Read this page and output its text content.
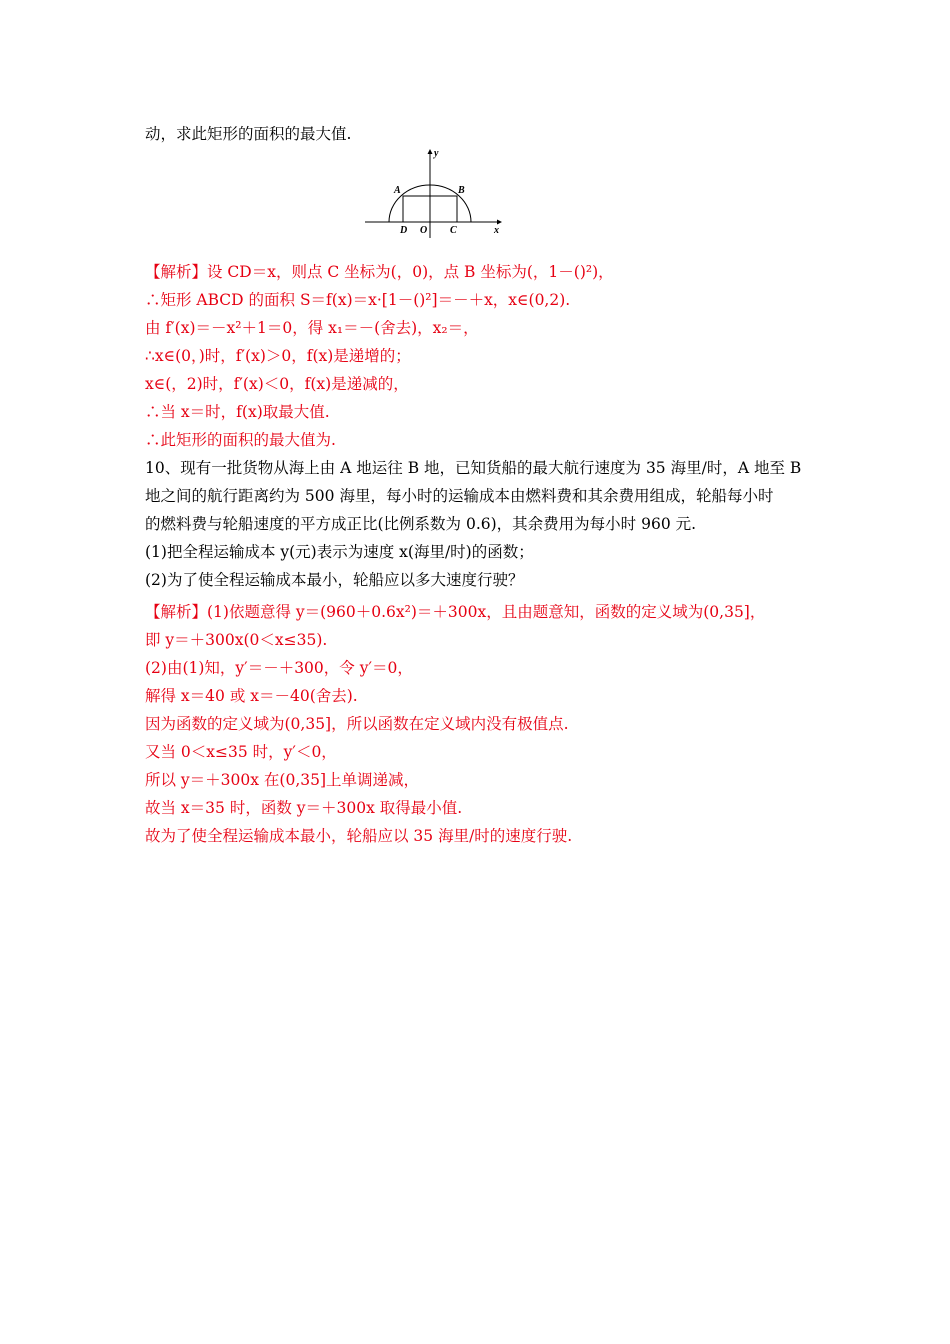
动，求此矩形的面积的最大值.
【解析】设 CD＝x，则点 C 坐标为(，0)，点 B 坐标为(，1－()²)，
∴矩形 ABCD 的面积 S＝f(x)＝x·[1－()²]＝－＋x，x∈(0,2).
由 f′(x)＝－x²＋1＝0，得 x₁＝－(舍去)，x₂＝，
∴x∈(0，)时，f′(x)＞0，f(x)是递增的；
x∈(，2)时，f′(x)＜0，f(x)是递减的，
∴当 x＝时，f(x)取最大值.
∴此矩形的面积的最大值为.
10、现有一批货物从海上由 A 地运往 B 地，已知货船的最大航行速度为 35 海里/时，A 地至 B
地之间的航行距离约为 500 海里，每小时的运输成本由燃料费和其余费用组成，轮船每小时
的燃料费与轮船速度的平方成正比(比例系数为 0.6)，其余费用为每小时 960 元.
(1)把全程运输成本 y(元)表示为速度 x(海里/时)的函数；
(2)为了使全程运输成本最小，轮船应以多大速度行驶？
【解析】(1)依题意得 y＝(960＋0.6x²)＝＋300x，且由题意知，函数的定义域为(0,35]，
即 y＝＋300x(0＜x≤35).
(2)由(1)知，y′＝－＋300，令 y′＝0，
解得 x＝40 或 x＝－40(舍去).
因为函数的定义域为(0,35]，所以函数在定义域内没有极值点.
又当 0＜x≤35 时，y′＜0，
所以 y＝＋300x 在(0,35]上单调递减，
故当 x＝35 时，函数 y＝＋300x 取得最小值.
故为了使全程运输成本最小，轮船应以 35 海里/时的速度行驶.
y
x
A	B
D O C
